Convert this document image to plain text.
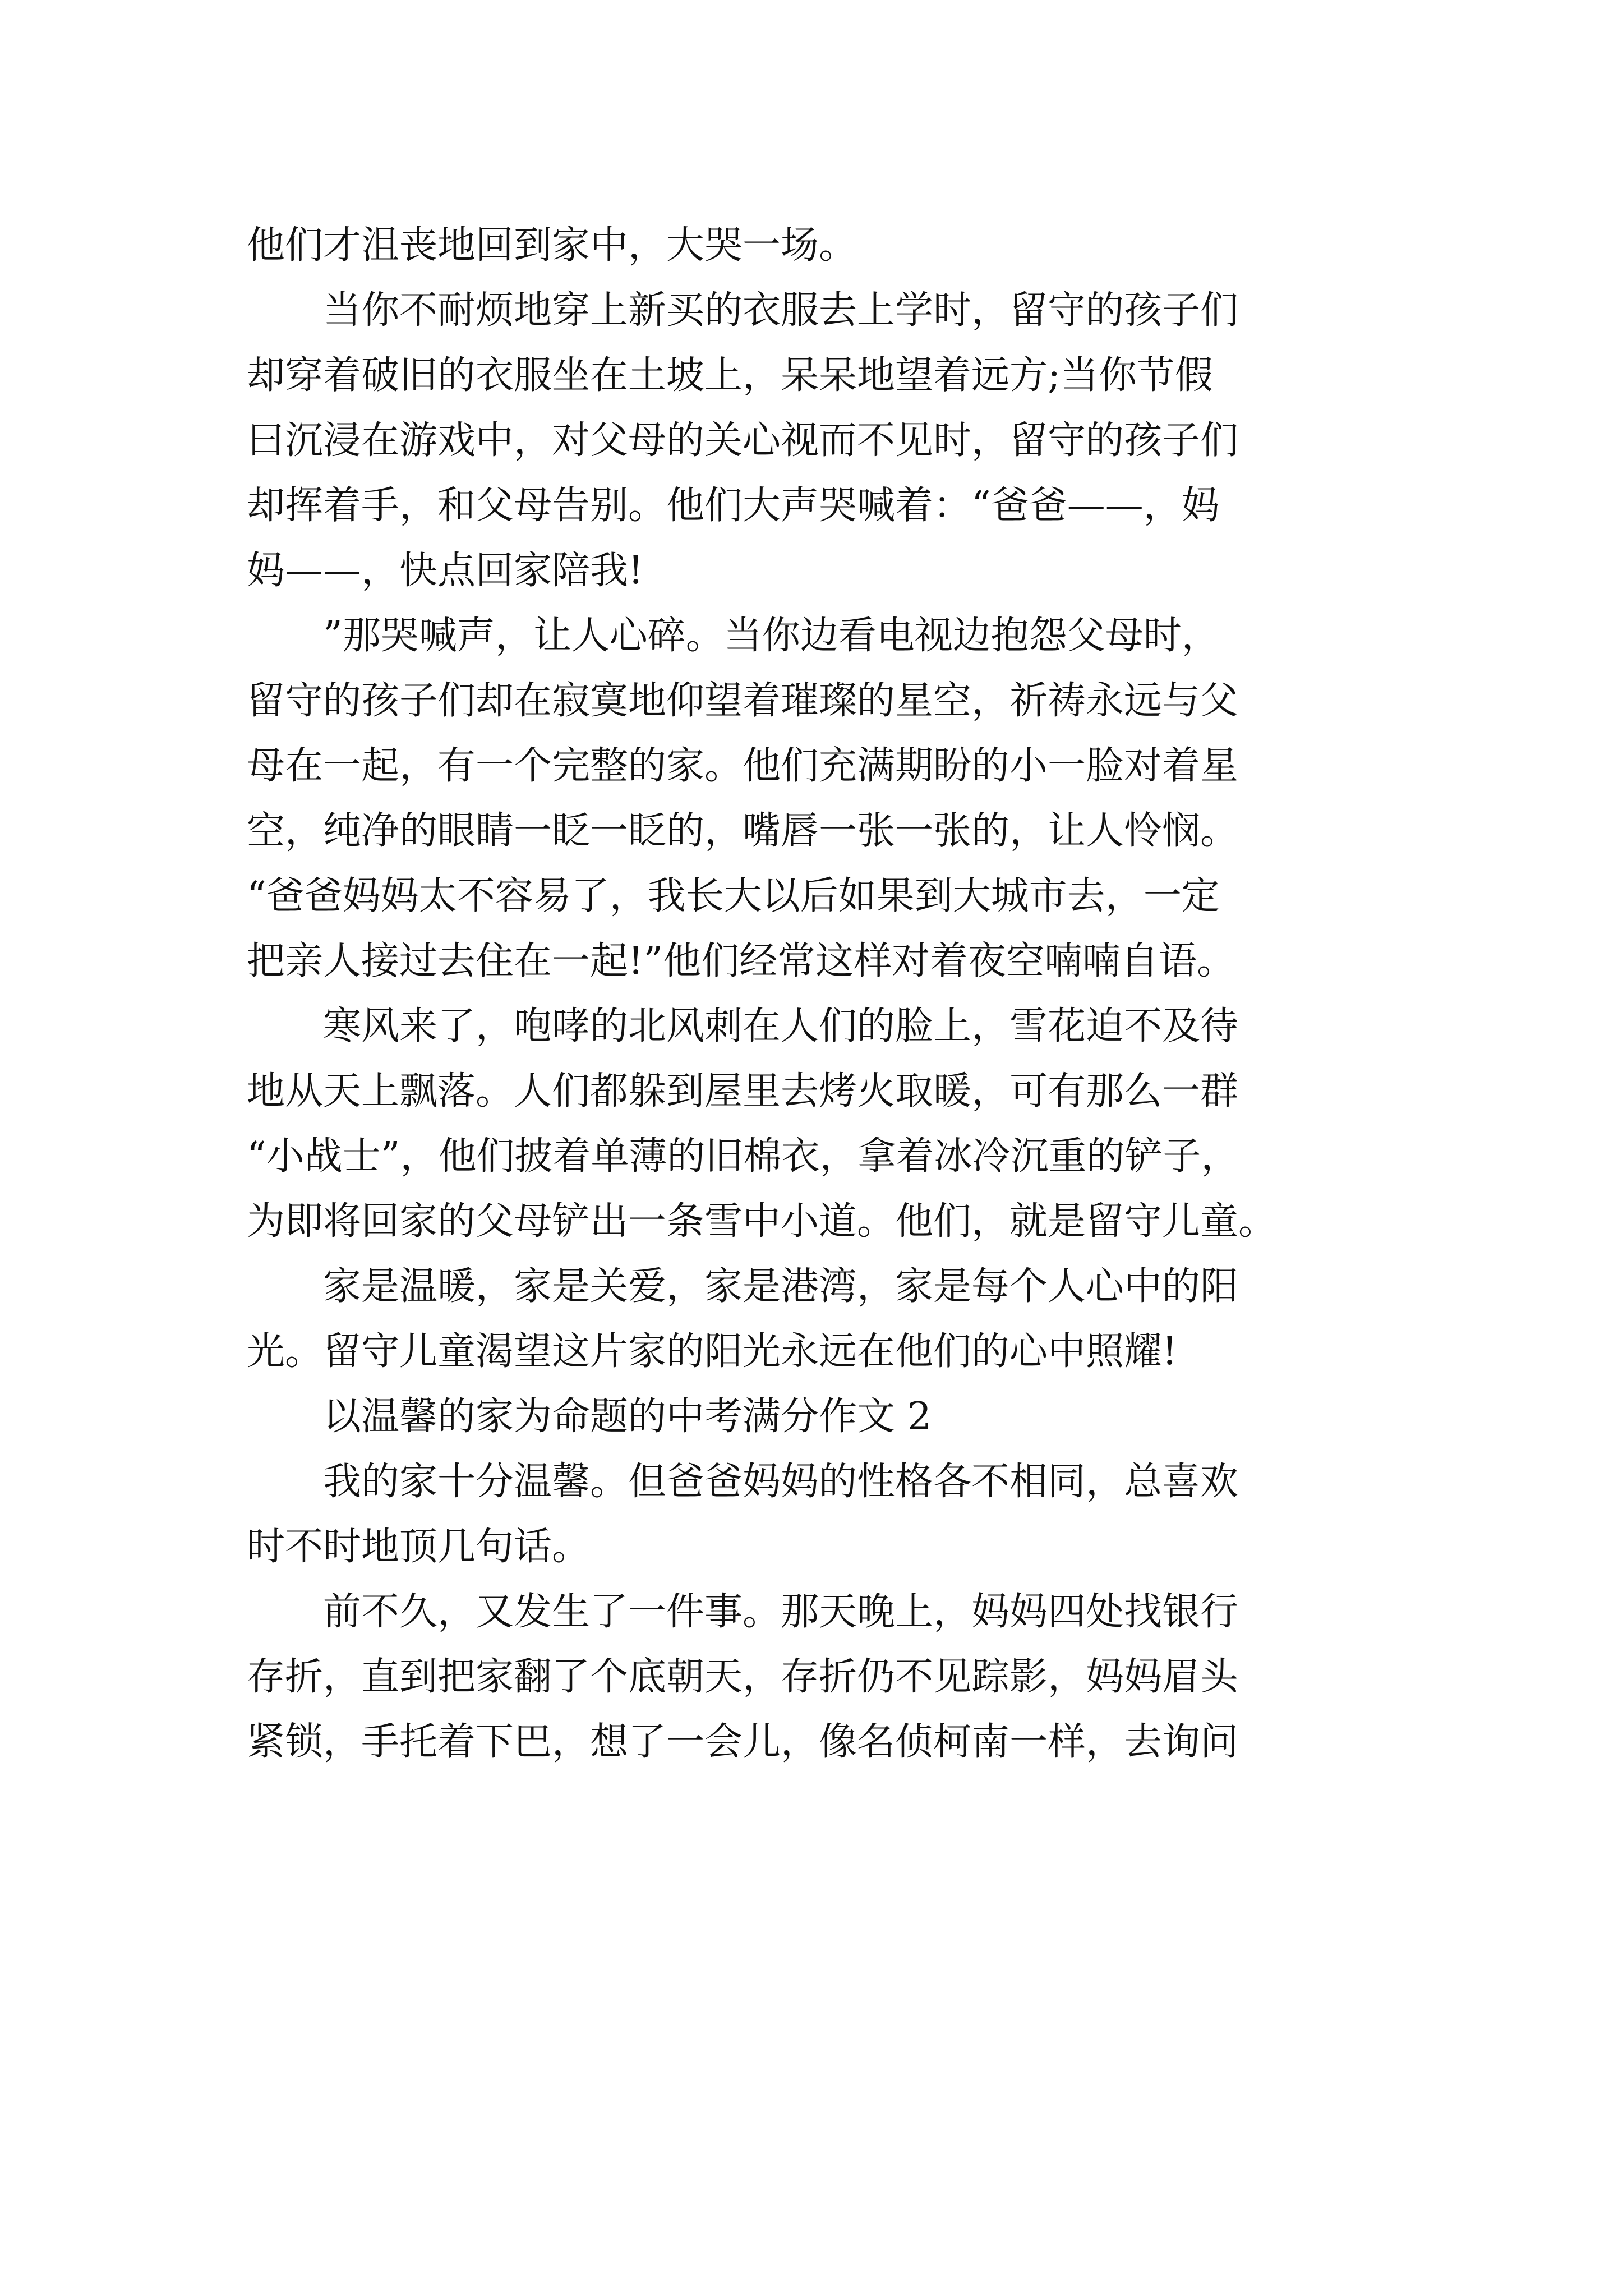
他们才沮丧地回到家中，大哭一场。

当你不耐烦地穿上新买的衣服去上学时，留守的孩子们
却穿着破旧的衣服坐在土坡上，呆呆地望着远方;当你节假
曰沉浸在游戏中，对父母的关心视而不见时，留守的孩子们
却挥着手，和父母告别。他们大声哭喊着：“爸爸——，妈
妈——，快点回家陪我!

”那哭喊声，让人心碎。当你边看电视边抱怨父母时，
留守的孩子们却在寂寞地仰望着璀璨的星空，祈祷永远与父
母在一起，有一个完整的家。他们充满期盼的小一脸对着星
空，纯净的眼睛一眨一眨的，嘴唇一张一张的，让人怜悯。
“爸爸妈妈太不容易了，我长大以后如果到大城市去，一定
把亲人接过去住在一起!”他们经常这样对着夜空喃喃自语。

寒风来了，咆哮的北风刺在人们的脸上，雪花迫不及待
地从天上飘落。人们都躲到屋里去烤火取暖，可有那么一群
“小战士”，他们披着单薄的旧棉衣，拿着冰冷沉重的铲子，
为即将回家的父母铲出一条雪中小道。他们，就是留守儿童。

家是温暖，家是关爱，家是港湾，家是每个人心中的阳
光。留守儿童渴望这片家的阳光永远在他们的心中照耀!

以温馨的家为命题的中考满分作文 2

我的家十分温馨。但爸爸妈妈的性格各不相同，总喜欢
时不时地顶几句话。

前不久，又发生了一件事。那天晚上，妈妈四处找银行
存折，直到把家翻了个底朝天，存折仍不见踪影，妈妈眉头
紧锁，手托着下巴，想了一会儿，像名侦柯南一样，去询问
